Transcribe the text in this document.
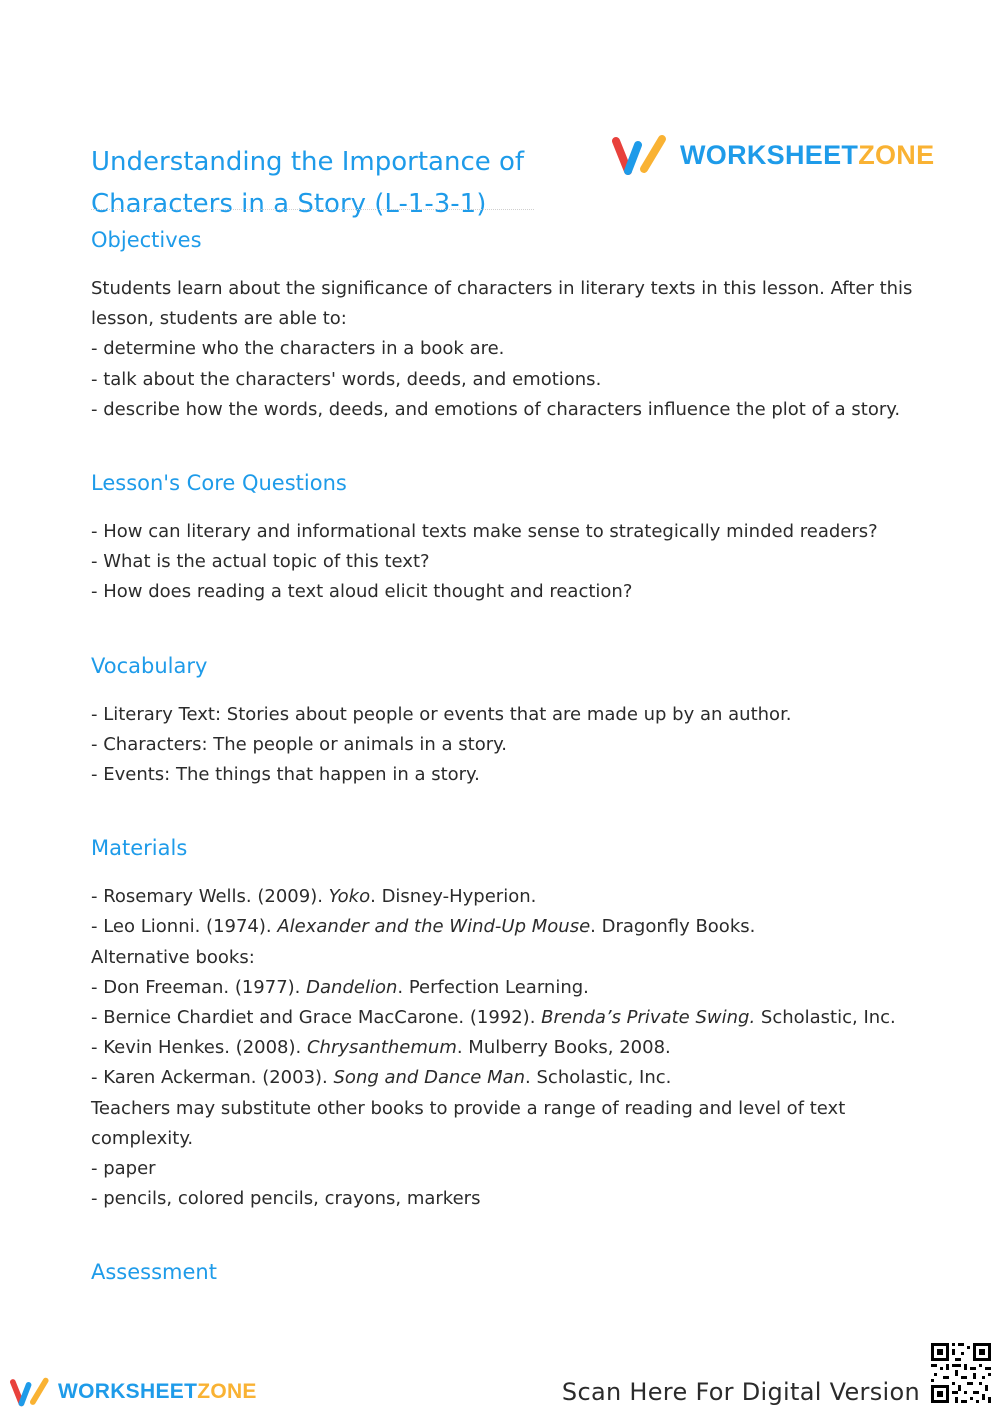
Understanding the Importance of
Characters in a Story (L-1-3-1)
WORKSHEETZONE
Objectives
Students learn about the significance of characters in literary texts in this lesson. After this lesson, students are able to:
- determine who the characters in a book are.
- talk about the characters' words, deeds, and emotions.
- describe how the words, deeds, and emotions of characters influence the plot of a story.
Lesson's Core Questions
- How can literary and informational texts make sense to strategically minded readers?
- What is the actual topic of this text?
- How does reading a text aloud elicit thought and reaction?
Vocabulary
- Literary Text: Stories about people or events that are made up by an author.
- Characters: The people or animals in a story.
- Events: The things that happen in a story.
Materials
- Rosemary Wells. (2009). Yoko. Disney-Hyperion.
- Leo Lionni. (1974). Alexander and the Wind-Up Mouse. Dragonfly Books.
Alternative books:
- Don Freeman. (1977). Dandelion. Perfection Learning.
- Bernice Chardiet and Grace MacCarone. (1992). Brenda’s Private Swing. Scholastic, Inc.
- Kevin Henkes. (2008). Chrysanthemum. Mulberry Books, 2008.
- Karen Ackerman. (2003). Song and Dance Man. Scholastic, Inc.
Teachers may substitute other books to provide a range of reading and level of text complexity.
- paper
- pencils, colored pencils, crayons, markers
Assessment
WORKSHEETZONE	Scan Here For Digital Version
